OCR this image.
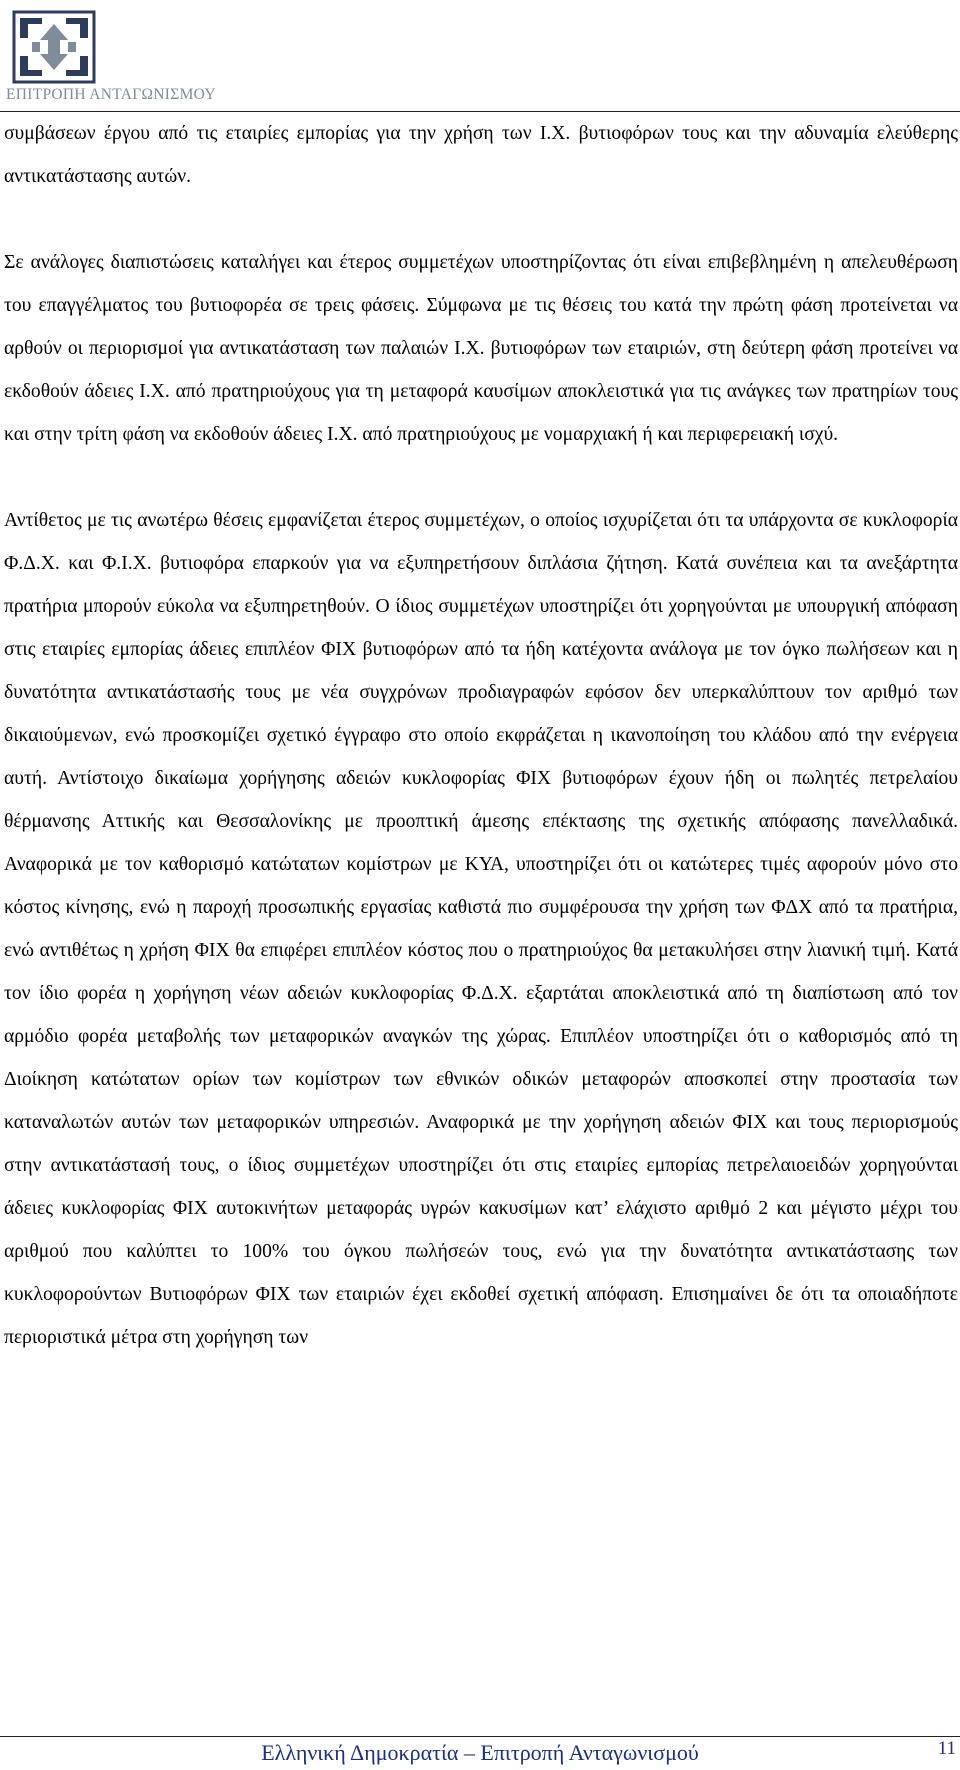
ΕΠΙΤΡΟΠΗ ΑΝΤΑΓΩΝΙΣΜΟΥ

συμβάσεων έργου από τις εταιρίες εμπορίας για την χρήση των Ι.Χ. βυτιοφόρων τους και την αδυναμία ελεύθερης αντικατάστασης αυτών.

Σε ανάλογες διαπιστώσεις καταλήγει και έτερος συμμετέχων υποστηρίζοντας ότι είναι επιβεβλημένη η απελευθέρωση του επαγγέλματος του βυτιοφορέα σε τρεις φάσεις. Σύμφωνα με τις θέσεις του κατά την πρώτη φάση προτείνεται να αρθούν οι περιορισμοί για αντικατάσταση των παλαιών Ι.Χ. βυτιοφόρων των εταιριών, στη δεύτερη φάση προτείνει να εκδοθούν άδειες Ι.Χ. από πρατηριούχους για τη μεταφορά καυσίμων αποκλειστικά για τις ανάγκες των πρατηρίων τους και στην τρίτη φάση να εκδοθούν άδειες Ι.Χ. από πρατηριούχους με νομαρχιακή ή και περιφερειακή ισχύ.

Αντίθετος με τις ανωτέρω θέσεις εμφανίζεται έτερος συμμετέχων, ο οποίος ισχυρίζεται ότι τα υπάρχοντα σε κυκλοφορία Φ.Δ.Χ. και Φ.Ι.Χ. βυτιοφόρα επαρκούν για να εξυπηρετήσουν διπλάσια ζήτηση. Κατά συνέπεια και τα ανεξάρτητα πρατήρια μπορούν εύκολα να εξυπηρετηθούν. Ο ίδιος συμμετέχων υποστηρίζει ότι χορηγούνται με υπουργική απόφαση στις εταιρίες εμπορίας άδειες επιπλέον ΦΙΧ βυτιοφόρων από τα ήδη κατέχοντα ανάλογα με τον όγκο πωλήσεων και η δυνατότητα αντικατάστασής τους με νέα συγχρόνων προδιαγραφών εφόσον δεν υπερκαλύπτουν τον αριθμό των δικαιούμενων, ενώ προσκομίζει σχετικό έγγραφο στο οποίο εκφράζεται η ικανοποίηση του κλάδου από την ενέργεια αυτή. Αντίστοιχο δικαίωμα χορήγησης αδειών κυκλοφορίας ΦΙΧ βυτιοφόρων έχουν ήδη οι πωλητές πετρελαίου θέρμανσης Αττικής και Θεσσαλονίκης με προοπτική άμεσης επέκτασης της σχετικής απόφασης πανελλαδικά. Αναφορικά με τον καθορισμό κατώτατων κομίστρων με ΚΥΑ, υποστηρίζει ότι οι κατώτερες τιμές αφορούν μόνο στο κόστος κίνησης, ενώ η παροχή προσωπικής εργασίας καθιστά πιο συμφέρουσα την χρήση των ΦΔΧ από τα πρατήρια, ενώ αντιθέτως η χρήση ΦΙΧ θα επιφέρει επιπλέον κόστος που ο πρατηριούχος θα μετακυλήσει στην λιανική τιμή. Κατά τον ίδιο φορέα η χορήγηση νέων αδειών κυκλοφορίας Φ.Δ.Χ. εξαρτάται αποκλειστικά από τη διαπίστωση από τον αρμόδιο φορέα μεταβολής των μεταφορικών αναγκών της χώρας. Επιπλέον υποστηρίζει ότι ο καθορισμός από τη Διοίκηση κατώτατων ορίων των κομίστρων των εθνικών οδικών μεταφορών αποσκοπεί στην προστασία των καταναλωτών αυτών των μεταφορικών υπηρεσιών. Αναφορικά με την χορήγηση αδειών ΦΙΧ και τους περιορισμούς στην αντικατάστασή τους, ο ίδιος συμμετέχων υποστηρίζει ότι στις εταιρίες εμπορίας πετρελαιοειδών χορηγούνται άδειες κυκλοφορίας ΦΙΧ αυτοκινήτων μεταφοράς υγρών κακυσίμων κατ’ ελάχιστο αριθμό 2 και μέγιστο μέχρι του αριθμού που καλύπτει το 100% του όγκου πωλήσεών τους, ενώ για την δυνατότητα αντικατάστασης των κυκλοφορούντων Βυτιοφόρων ΦΙΧ των εταιριών έχει εκδοθεί σχετική απόφαση. Επισημαίνει δε ότι τα οποιαδήποτε περιοριστικά μέτρα στη χορήγηση των

Ελληνική Δημοκρατία – Επιτροπή Ανταγωνισμού	11
